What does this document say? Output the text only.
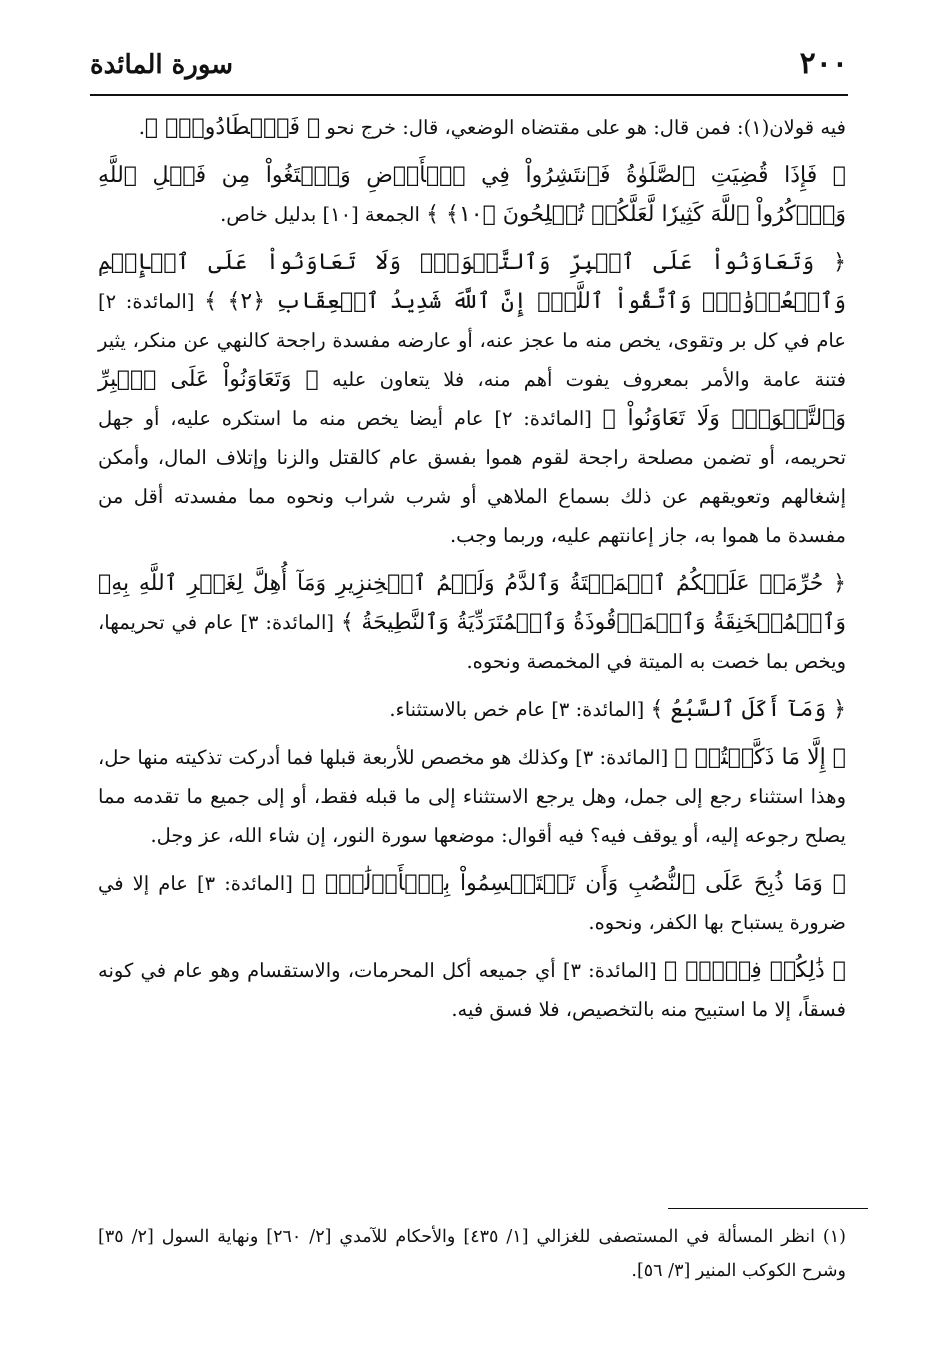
٢٠٠
سورة المائدة

فيه قولان(١): فمن قال: هو على مقتضاه الوضعي، قال: خرج نحو ﴿ فَٱصۡطَادُواْۚ ﴾.

﴿ فَإِذَا قُضِيَتِ ٱلصَّلَوٰةُ فَٱنتَشِرُواْ فِي ٱلۡأَرۡضِ وَٱبۡتَغُواْ مِن فَضۡلِ ٱللَّهِ وَٱذۡكُرُواْ ٱللَّهَ كَثِيرٗا لَّعَلَّكُمۡ تُفۡلِحُونَ ﴿١٠﴾ ﴾ الجمعة [١٠] بدليل خاص.

﴿ وَتَعَاوَنُواْ عَلَى ٱلۡبِرِّ وَٱلتَّقۡوَىٰۖ وَلَا تَعَاوَنُواْ عَلَى ٱلۡإِثۡمِ وَٱلۡعُدۡوَٰنِۚ وَٱتَّقُواْ ٱللَّهَۖ إِنَّ ٱللَّهَ شَدِيدُ ٱلۡعِقَابِ ﴿٢﴾ ﴾ [المائدة: ٢] عام في كل بر وتقوى، يخص منه ما عجز عنه، أو عارضه مفسدة راجحة كالنهي عن منكر، يثير فتنة عامة والأمر بمعروف يفوت أهم منه، فلا يتعاون عليه ﴿ وَتَعَاوَنُواْ عَلَى ٱلۡبِرِّ وَٱلتَّقۡوَىٰۖ وَلَا تَعَاوَنُواْ ﴾ [المائدة: ٢] عام أيضا يخص منه ما استكره عليه، أو جهل تحريمه، أو تضمن مصلحة راجحة لقوم هموا بفسق عام كالقتل والزنا وإتلاف المال، وأمكن إشغالهم وتعويقهم عن ذلك بسماع الملاهي أو شرب شراب ونحوه مما مفسدته أقل من مفسدة ما هموا به، جاز إعانتهم عليه، وربما وجب.

﴿ حُرِّمَتۡ عَلَيۡكُمُ ٱلۡمَيۡتَةُ وَٱلدَّمُ وَلَحۡمُ ٱلۡخِنزِيرِ وَمَآ أُهِلَّ لِغَيۡرِ ٱللَّهِ بِهِۦ وَٱلۡمُنۡخَنِقَةُ وَٱلۡمَوۡقُوذَةُ وَٱلۡمُتَرَدِّيَةُ وَٱلنَّطِيحَةُ ﴾ [المائدة: ٣] عام في تحريمها، ويخص بما خصت به الميتة في المخمصة ونحوه.

﴿ وَمَآ أَكَلَ ٱلسَّبُعُ ﴾ [المائدة: ٣] عام خص بالاستثناء.

﴿ إِلَّا مَا ذَكَّيۡتُمۡ ﴾ [المائدة: ٣] وكذلك هو مخصص للأربعة قبلها فما أدركت تذكيته منها حل، وهذا استثناء رجع إلى جمل، وهل يرجع الاستثناء إلى ما قبله فقط، أو إلى جميع ما تقدمه مما يصلح رجوعه إليه، أو يوقف فيه؟ فيه أقوال: موضعها سورة النور، إن شاء الله، عز وجل.

﴿ وَمَا ذُبِحَ عَلَى ٱلنُّصُبِ وَأَن تَسۡتَقۡسِمُواْ بِٱلۡأَزۡلَٰمِۚ ﴾ [المائدة: ٣] عام إلا في ضرورة يستباح بها الكفر، ونحوه.

﴿ ذَٰلِكُمۡ فِسۡقٌۗ ﴾ [المائدة: ٣] أي جميعه أكل المحرمات، والاستقسام وهو عام في كونه فسقاً، إلا ما استبيح منه بالتخصيص، فلا فسق فيه.

(١) انظر المسألة في المستصفى للغزالي [١/ ٤٣٥] والأحكام للآمدي [٢/ ٢٦٠] ونهاية السول [٢/ ٣٥] وشرح الكوكب المنير [٣/ ٥٦].
